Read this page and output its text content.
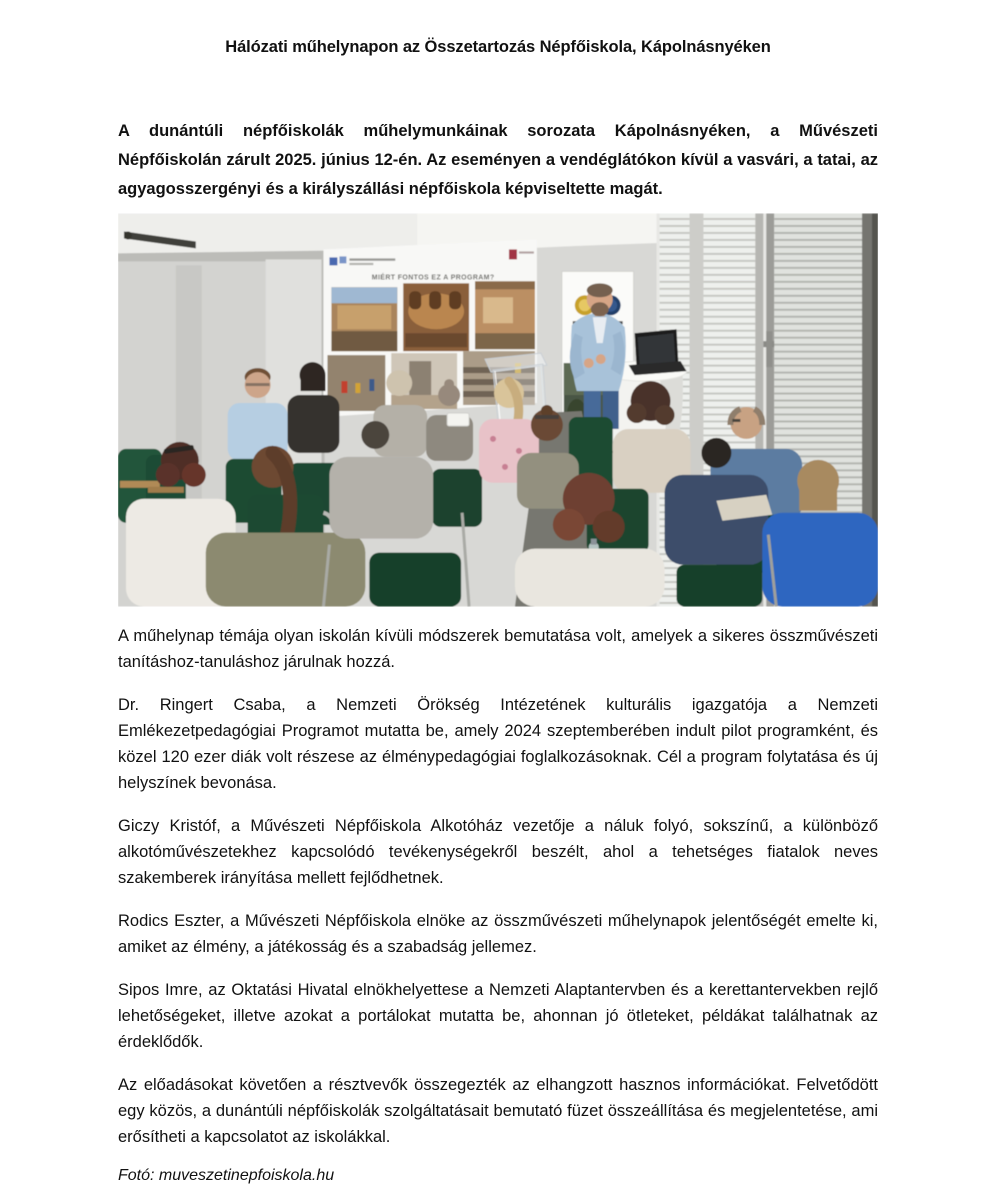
Hálózati műhelynapon az Összetartozás Népfőiskola, Kápolnásnyéken

A dunántúli népfőiskolák műhelymunkáinak sorozata Kápolnásnyéken, a Művészeti Népfőiskolán zárult 2025. június 12-én. Az eseményen a vendéglátókon kívül a vasvári, a tatai, az agyagosszergényi és a királyszállási népfőiskola képviseltette magát.

MIÉRT FONTOS EZ A PROGRAM?

A műhelynap témája olyan iskolán kívüli módszerek bemutatása volt, amelyek a sikeres összművészeti tanításhoz-tanuláshoz járulnak hozzá.

Dr. Ringert Csaba, a Nemzeti Örökség Intézetének kulturális igazgatója a Nemzeti Emlékezetpedagógiai Programot mutatta be, amely 2024 szeptemberében indult pilot programként, és közel 120 ezer diák volt részese az élménypedagógiai foglalkozásoknak. Cél a program folytatása és új helyszínek bevonása.

Giczy Kristóf, a Művészeti Népfőiskola Alkotóház vezetője a náluk folyó, sokszínű, a különböző alkotóművészetekhez kapcsolódó tevékenységekről beszélt, ahol a tehetséges fiatalok neves szakemberek irányítása mellett fejlődhetnek.

Rodics Eszter, a Művészeti Népfőiskola elnöke az összművészeti műhelynapok jelentőségét emelte ki, amiket az élmény, a játékosság és a szabadság jellemez.

Sipos Imre, az Oktatási Hivatal elnökhelyettese a Nemzeti Alaptantervben és a kerettantervekben rejlő lehetőségeket, illetve azokat a portálokat mutatta be, ahonnan jó ötleteket, példákat találhatnak az érdeklődők.

Az előadásokat követően a résztvevők összegezték az elhangzott hasznos információkat. Felvetődött egy közös, a dunántúli népfőiskolák szolgáltatásait bemutató füzet összeállítása és megjelentetése, ami erősítheti a kapcsolatot az iskolákkal.

Fotó: muveszetinepfoiskola.hu
